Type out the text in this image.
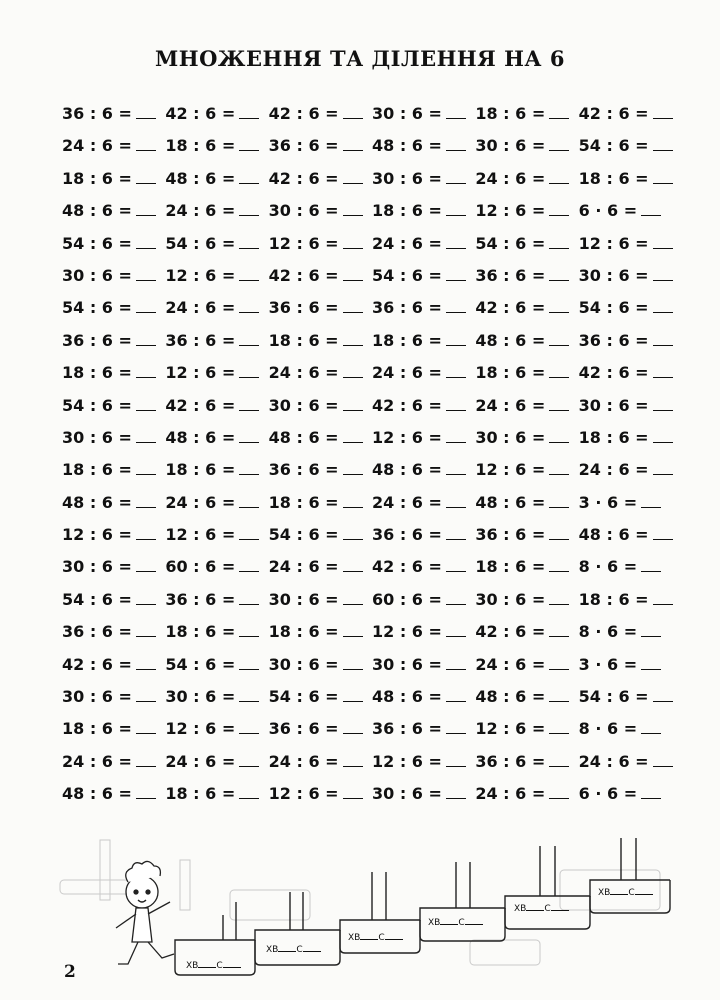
МНОЖЕННЯ ТА ДІЛЕННЯ НА 6
36 : 6 =	42 : 6 =	42 : 6 =	30 : 6 =	18 : 6 =	42 : 6 =
24 : 6 =	18 : 6 =	36 : 6 =	48 : 6 =	30 : 6 =	54 : 6 =
18 : 6 =	48 : 6 =	42 : 6 =	30 : 6 =	24 : 6 =	18 : 6 =
48 : 6 =	24 : 6 =	30 : 6 =	18 : 6 =	12 : 6 =	6 · 6 =
54 : 6 =	54 : 6 =	12 : 6 =	24 : 6 =	54 : 6 =	12 : 6 =
30 : 6 =	12 : 6 =	42 : 6 =	54 : 6 =	36 : 6 =	30 : 6 =
54 : 6 =	24 : 6 =	36 : 6 =	36 : 6 =	42 : 6 =	54 : 6 =
36 : 6 =	36 : 6 =	18 : 6 =	18 : 6 =	48 : 6 =	36 : 6 =
18 : 6 =	12 : 6 =	24 : 6 =	24 : 6 =	18 : 6 =	42 : 6 =
54 : 6 =	42 : 6 =	30 : 6 =	42 : 6 =	24 : 6 =	30 : 6 =
30 : 6 =	48 : 6 =	48 : 6 =	12 : 6 =	30 : 6 =	18 : 6 =
18 : 6 =	18 : 6 =	36 : 6 =	48 : 6 =	12 : 6 =	24 : 6 =
48 : 6 =	24 : 6 =	18 : 6 =	24 : 6 =	48 : 6 =	3 · 6 =
12 : 6 =	12 : 6 =	54 : 6 =	36 : 6 =	36 : 6 =	48 : 6 =
30 : 6 =	60 : 6 =	24 : 6 =	42 : 6 =	18 : 6 =	8 · 6 =
54 : 6 =	36 : 6 =	30 : 6 =	60 : 6 =	30 : 6 =	18 : 6 =
36 : 6 =	18 : 6 =	18 : 6 =	12 : 6 =	42 : 6 =	8 · 6 =
42 : 6 =	54 : 6 =	30 : 6 =	30 : 6 =	24 : 6 =	3 · 6 =
30 : 6 =	30 : 6 =	54 : 6 =	48 : 6 =	48 : 6 =	54 : 6 =
18 : 6 =	12 : 6 =	36 : 6 =	36 : 6 =	12 : 6 =	8 · 6 =
24 : 6 =	24 : 6 =	24 : 6 =	12 : 6 =	36 : 6 =	24 : 6 =
48 : 6 =	18 : 6 =	12 : 6 =	30 : 6 =	24 : 6 =	6 · 6 =
ХВ С
ХВ С
ХВ С
ХВ С
ХВ С
ХВ С
2
